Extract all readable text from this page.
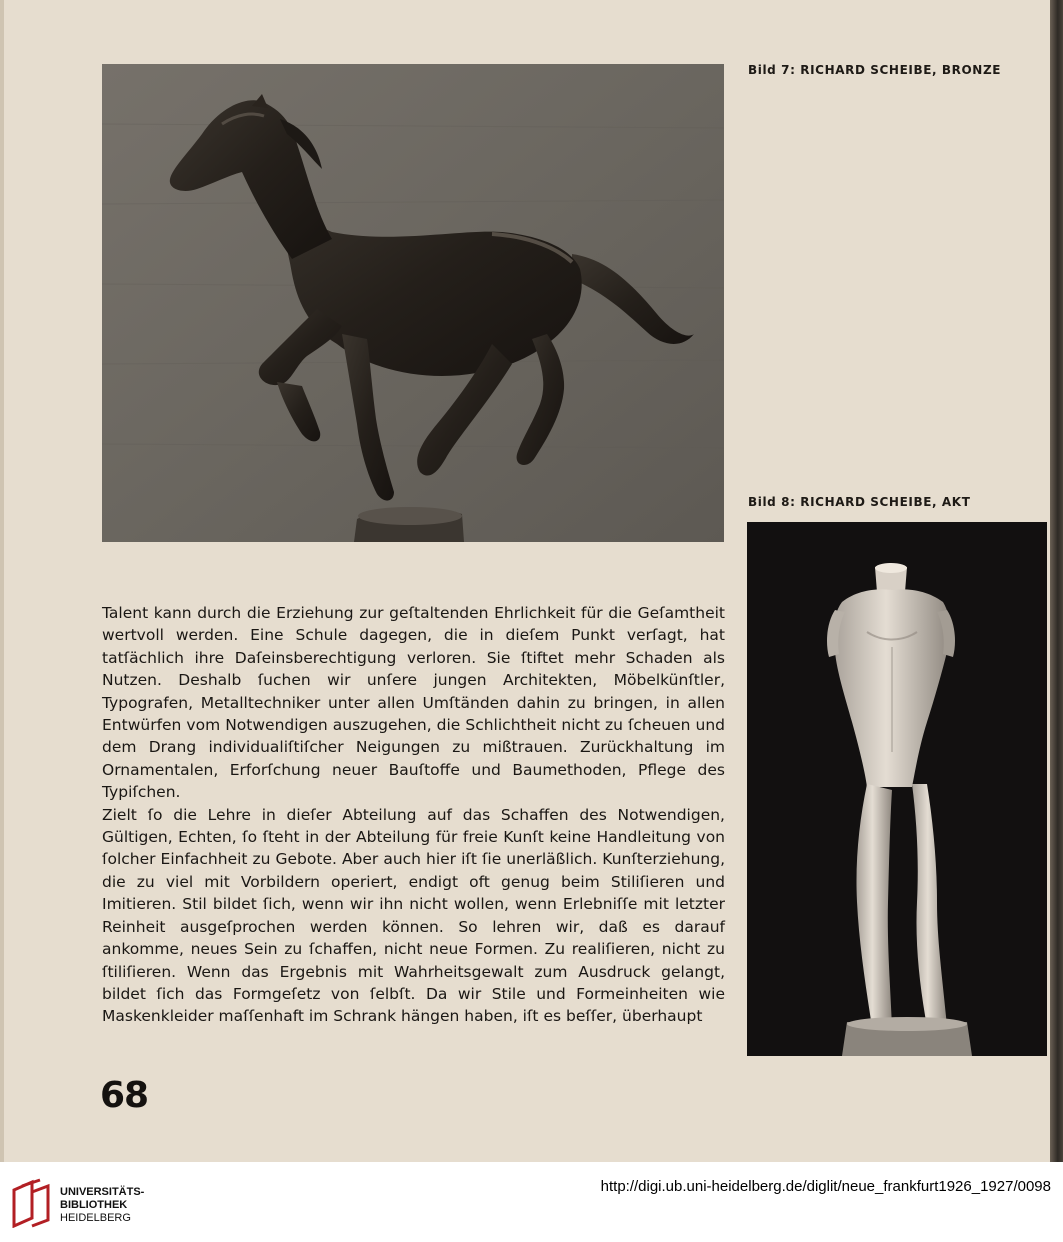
Bild 7: RICHARD SCHEIBE, BRONZE
Bild 8: RICHARD SCHEIBE, AKT

Talent kann durch die Erziehung zur geſtaltenden Ehrlichkeit für die Geſamtheit wertvoll werden. Eine Schule dagegen, die in dieſem Punkt verſagt, hat tatſächlich ihre Daſeinsberechtigung verloren. Sie ſtiftet mehr Schaden als Nutzen. Deshalb ſuchen wir unſere jungen Architekten, Möbelkünſtler, Typografen, Metalltechniker unter allen Umſtänden dahin zu bringen, in allen Entwürfen vom Notwendigen auszugehen, die Schlichtheit nicht zu ſcheuen und dem Drang individualiſtiſcher Neigungen zu mißtrauen. Zurückhaltung im Ornamentalen, Erforſchung neuer Bauſtoffe und Baumethoden, Pflege des Typiſchen.

Zielt ſo die Lehre in dieſer Abteilung auf das Schaffen des Notwendigen, Gültigen, Echten, ſo ſteht in der Abteilung für freie Kunſt keine Handleitung von ſolcher Einfachheit zu Gebote. Aber auch hier iſt ſie unerläßlich. Kunſterziehung, die zu viel mit Vorbildern operiert, endigt oft genug beim Stiliſieren und Imitieren. Stil bildet ſich, wenn wir ihn nicht wollen, wenn Erlebniſſe mit letzter Reinheit ausgeſprochen werden können. So lehren wir, daß es darauf ankomme, neues Sein zu ſchaffen, nicht neue Formen. Zu realiſieren, nicht zu ſtiliſieren. Wenn das Ergebnis mit Wahrheitsgewalt zum Ausdruck gelangt, bildet ſich das Formgeſetz von ſelbſt. Da wir Stile und Formeinheiten wie Maskenkleider maſſenhaft im Schrank hängen haben, iſt es beſſer, überhaupt

68
UNIVERSITÄTS-
BIBLIOTHEK
HEIDELBERG
http://digi.ub.uni-heidelberg.de/diglit/neue_frankfurt1926_1927/0098
